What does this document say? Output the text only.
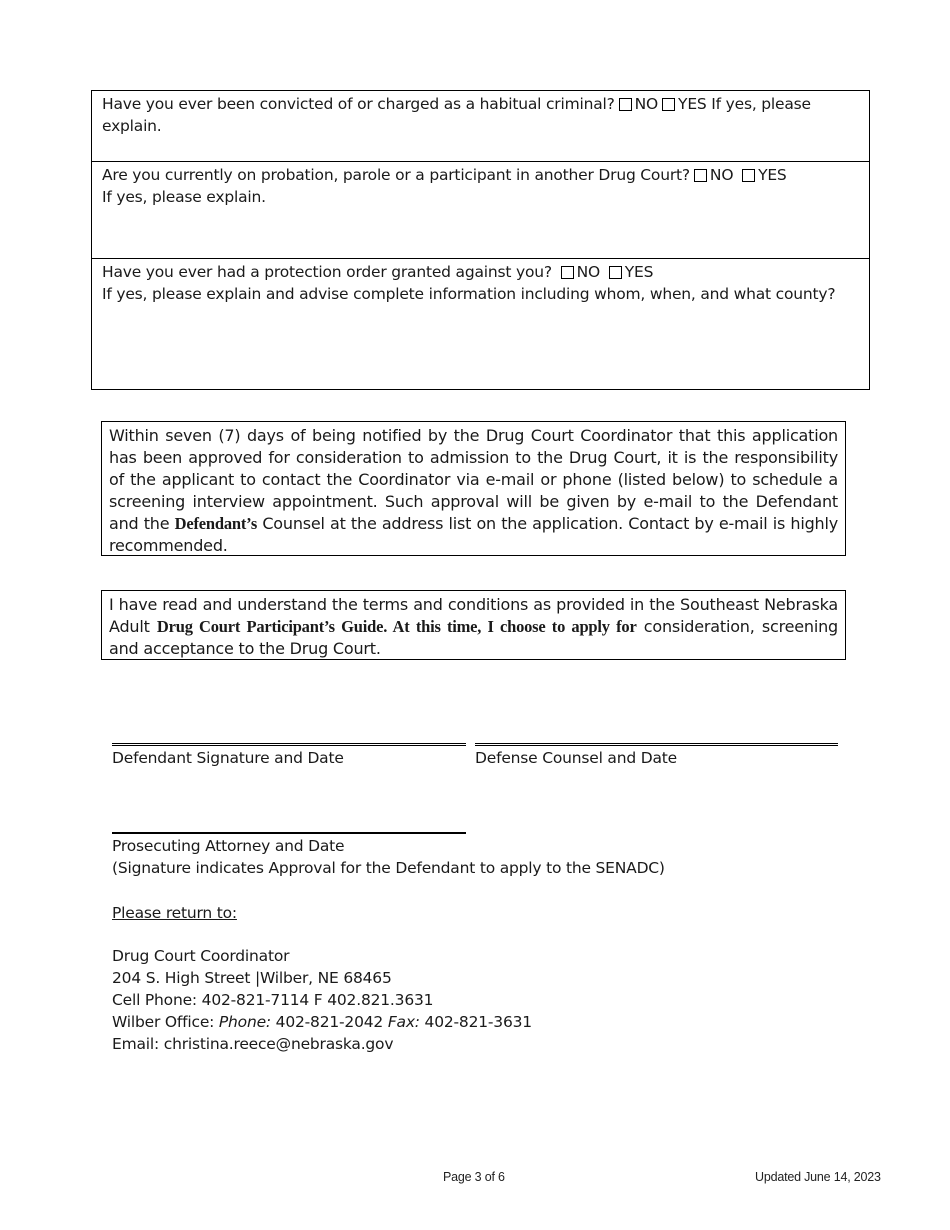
Have you ever been convicted of or charged as a habitual criminal? NO YES If yes, please explain.
Are you currently on probation, parole or a participant in another Drug Court? NO YES
If yes, please explain.
Have you ever had a protection order granted against you? NO YES
If yes, please explain and advise complete information including whom, when, and what county?
Within seven (7) days of being notified by the Drug Court Coordinator that this application has been approved for consideration to admission to the Drug Court, it is the responsibility of the applicant to contact the Coordinator via e-mail or phone (listed below) to schedule a screening interview appointment. Such approval will be given by e-mail to the Defendant and the Defendant’s Counsel at the address list on the application. Contact by e-mail is highly recommended.
I have read and understand the terms and conditions as provided in the Southeast Nebraska Adult Drug Court Participant’s Guide. At this time, I choose to apply for consideration, screening and acceptance to the Drug Court.
Defendant Signature and Date	Defense Counsel and Date
Prosecuting Attorney and Date
(Signature indicates Approval for the Defendant to apply to the SENADC)
Please return to:
Drug Court Coordinator
204 S. High Street |Wilber, NE 68465
Cell Phone: 402-821-7114 F 402.821.3631
Wilber Office: Phone: 402-821-2042 Fax: 402-821-3631
Email: christina.reece@nebraska.gov
Page 3 of 6	Updated June 14, 2023
